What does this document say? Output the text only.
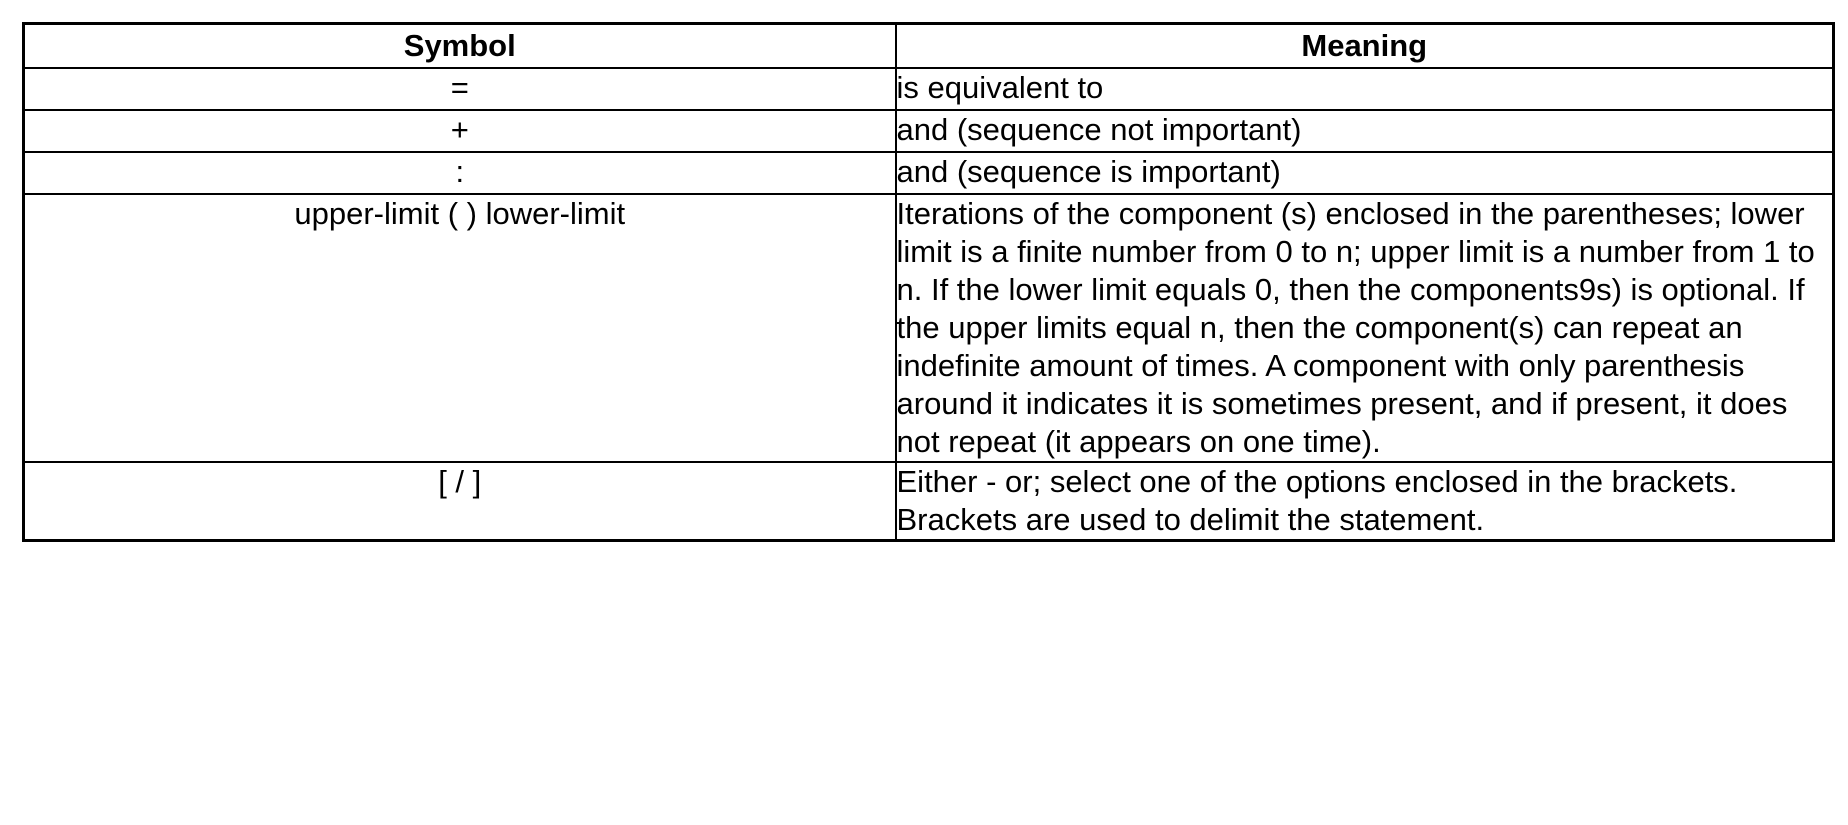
Symbol	Meaning
=	is equivalent to
+	and (sequence not important)
:	and (sequence is important)
upper-limit ( ) lower-limit	Iterations of the component (s) enclosed in the parentheses; lower limit is a finite number from 0 to n; upper limit is a number from 1 to n. If the lower limit equals 0, then the components9s) is optional. If the upper limits equal n, then the component(s) can repeat an indefinite amount of times. A component with only parenthesis around it indicates it is sometimes present, and if present, it does not repeat (it appears on one time).
[ / ]	Either - or; select one of the options enclosed in the brackets. Brackets are used to delimit the statement.
